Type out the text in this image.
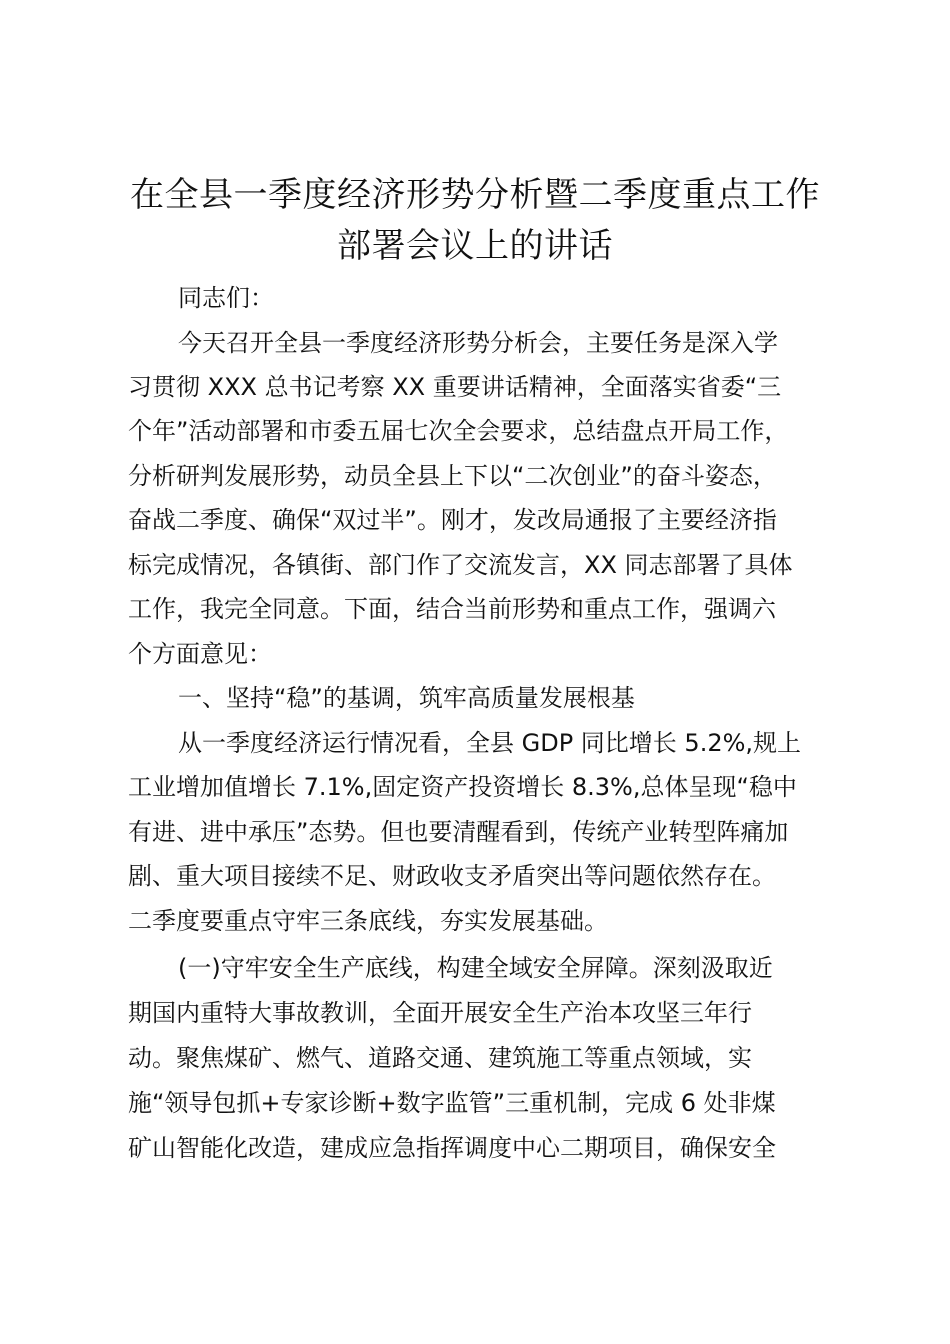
在全县一季度经济形势分析暨二季度重点工作
部署会议上的讲话
同志们：
今天召开全县一季度经济形势分析会，主要任务是深入学
习贯彻 XXX 总书记考察 XX 重要讲话精神，全面落实省委“三
个年”活动部署和市委五届七次全会要求，总结盘点开局工作，
分析研判发展形势，动员全县上下以“二次创业”的奋斗姿态，
奋战二季度、确保“双过半”。刚才，发改局通报了主要经济指
标完成情况，各镇街、部门作了交流发言，XX 同志部署了具体
工作，我完全同意。下面，结合当前形势和重点工作，强调六
个方面意见：
一、坚持“稳”的基调，筑牢高质量发展根基
从一季度经济运行情况看，全县 GDP 同比增长 5.2%,规上
工业增加值增长 7.1%,固定资产投资增长 8.3%,总体呈现“稳中
有进、进中承压”态势。但也要清醒看到，传统产业转型阵痛加
剧、重大项目接续不足、财政收支矛盾突出等问题依然存在。
二季度要重点守牢三条底线，夯实发展基础。
(一)守牢安全生产底线，构建全域安全屏障。深刻汲取近
期国内重特大事故教训，全面开展安全生产治本攻坚三年行
动。聚焦煤矿、燃气、道路交通、建筑施工等重点领域，实
施“领导包抓+专家诊断+数字监管”三重机制，完成 6 处非煤
矿山智能化改造，建成应急指挥调度中心二期项目，确保安全
